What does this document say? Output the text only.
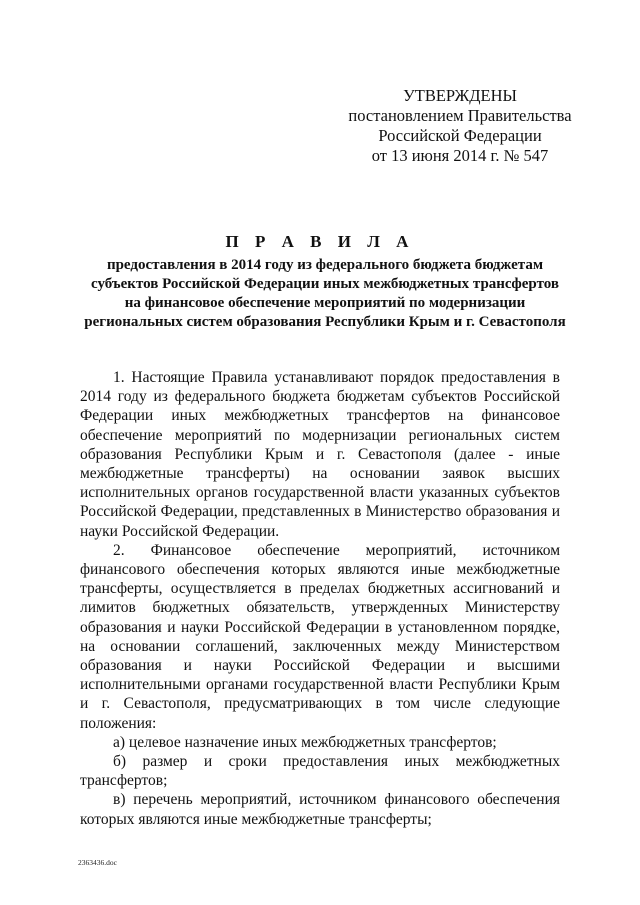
УТВЕРЖДЕНЫ
постановлением Правительства
Российской Федерации
от 13 июня 2014 г. № 547
П Р А В И Л А
предоставления в 2014 году из федерального бюджета бюджетам
субъектов Российской Федерации иных межбюджетных трансфертов
на финансовое обеспечение мероприятий по модернизации
региональных систем образования Республики Крым и г. Севастополя

1. Настоящие Правила устанавливают порядок предоставления в 2014 году из федерального бюджета бюджетам субъектов Российской Федерации иных межбюджетных трансфертов на финансовое обеспечение мероприятий по модернизации региональных систем образования Республики Крым и г. Севастополя (далее - иные межбюджетные трансферты) на основании заявок высших исполнительных органов государственной власти указанных субъектов Российской Федерации, представленных в Министерство образования и науки Российской Федерации.

2. Финансовое обеспечение мероприятий, источником финансового обеспечения которых являются иные межбюджетные трансферты, осуществляется в пределах бюджетных ассигнований и лимитов бюджетных обязательств, утвержденных Министерству образования и науки Российской Федерации в установленном порядке, на основании соглашений, заключенных между Министерством образования и науки Российской Федерации и высшими исполнительными органами государственной власти Республики Крым и г. Севастополя, предусматривающих в том числе следующие положения:

а) целевое назначение иных межбюджетных трансфертов;

б) размер и сроки предоставления иных межбюджетных трансфертов;

в) перечень мероприятий, источником финансового обеспечения которых являются иные межбюджетные трансферты;

2363436.doc
